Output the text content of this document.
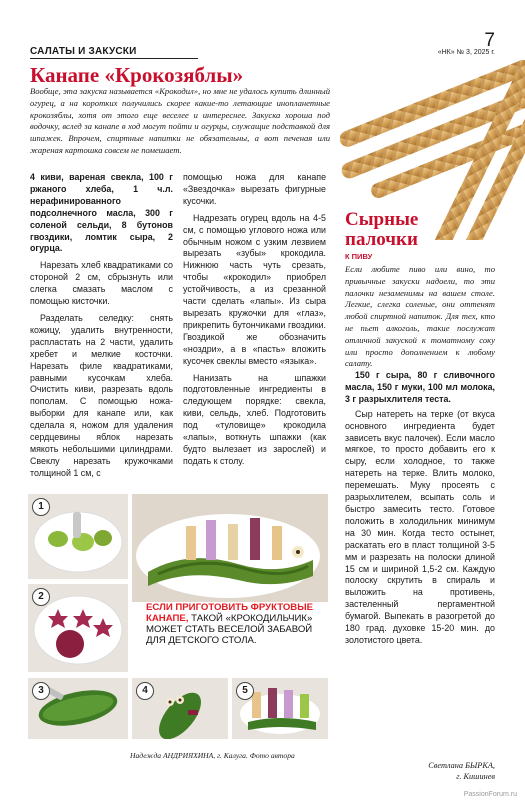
7
«НК» № 3, 2025 г.
САЛАТЫ И ЗАКУСКИ
Канапе «Крокозяблы»
Вообще, эта закуска называется «Крокодил», но мне не удалось купить длинный огурец, а на коротких получились скорее какие-то летающие инопланетные крокозяблы, хотя от этого еще веселее и интереснее. Закуска хороша под водочку, вслед за канапе в ход могут пойти и огурцы, служащие подставкой для шпажек. Впрочем, спиртные напитки не обязательны, а вот печеная или жареная картошка совсем не помешает.

4 киви, вареная свекла, 100 г ржаного хлеба, 1 ч.л. нерафинированного подсолнечного масла, 300 г соленой сельди, 8 бутонов гвоздики, ломтик сыра, 2 огурца.

Нарезать хлеб квадратиками со стороной 2 см, сбрызнуть или слегка смазать маслом с помощью кисточки.

Разделать селедку: снять кожицу, удалить внутренности, распластать на 2 части, удалить хребет и мелкие косточки. Нарезать филе квадратиками, равными кусочкам хлеба. Очистить киви, разрезать вдоль пополам. С помощью ножа-выборки для канапе или, как сделала я, ножом для удаления сердцевины яблок нарезать мякоть небольшими цилиндрами. Свеклу нарезать кружочками толщиной 1 см, с

помощью ножа для канапе «Звездочка» вырезать фигурные кусочки.

Надрезать огурец вдоль на 4-5 см, с помощью углового ножа или обычным ножом с узким лезвием вырезать «зубы» крокодила. Нижнюю часть чуть срезать, чтобы «крокодил» приобрел устойчивость, а из срезанной части сделать «лапы». Из сыра вырезать кружочки для «глаз», прикрепить бутончиками гвоздики. Гвоздикой же обозначить «ноздри», а в «пасть» вложить кусочек свеклы вместо «языка».

Нанизать на шпажки подготовленные ингредиенты в следующем порядке: свекла, киви, сельдь, хлеб. Подготовить под «туловище» крокодила «лапы», воткнуть шпажки (как будто вылезает из зарослей) и подать к столу.

Сырные
палочки
К ПИВУ
Если любите пиво или вино, то привычные закуски надоели, то эти палочки незаменимы на вашем столе. Легкие, слегка соленые, они оттенят любой спиртной напиток. Для тех, кто не пьет алкоголь, такие послужат отличной закуской к томатному соку или просто дополнением к любому салату.

150 г сыра, 80 г сливочного масла, 150 г муки, 100 мл молока, 3 г разрыхлителя теста.

Сыр натереть на терке (от вкуса основного ингредиента будет зависеть вкус палочек). Если масло мягкое, то просто добавить его к сыру, если холодное, то также натереть на терке. Влить молоко, перемешать. Муку просеять с разрыхлителем, всыпать соль и быстро замесить тесто. Готовое положить в холодильник минимум на 30 мин. Когда тесто остынет, раскатать его в пласт толщиной 3-5 мм и разрезать на полоски длиной 15 см и шириной 1,5-2 см. Каждую полоску скрутить в спираль и выложить на противень, застеленный пергаментной бумагой. Выпекать в разогретой до 180 град. духовке 15-20 мин. до золотистого цвета.

Светлана БЫРКА,
г. Кишинев
1
2
3	4	5
ЕСЛИ ПРИГОТОВИТЬ ФРУКТОВЫЕ КАНАПЕ, ТАКОЙ «КРОКОДИЛЬЧИК» МОЖЕТ СТАТЬ ВЕСЕЛОЙ ЗАБАВОЙ ДЛЯ ДЕТСКОГО СТОЛА.
Надежда АНДРИЯХИНА, г. Калуга. Фото автора
PassionForum.ru
